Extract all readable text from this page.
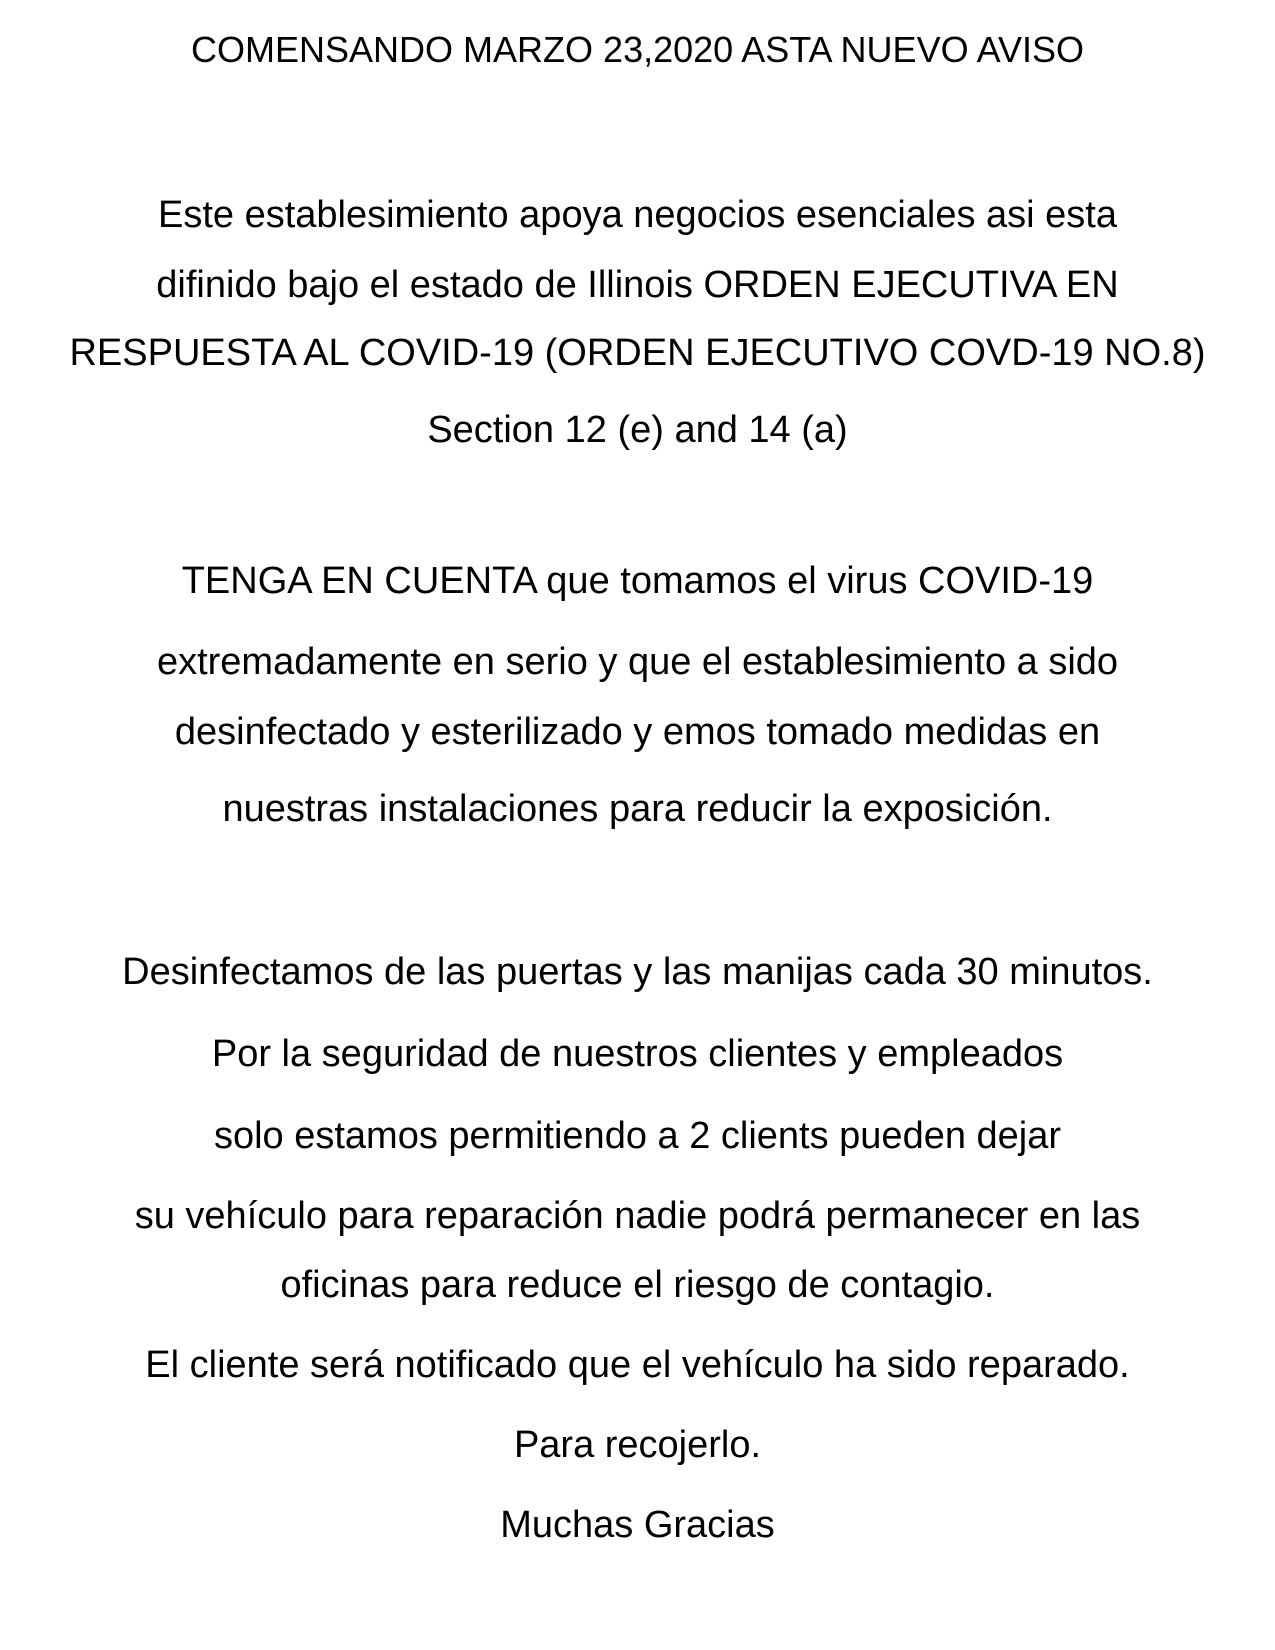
COMENSANDO MARZO 23,2020 ASTA NUEVO AVISO
Este establesimiento apoya negocios esenciales asi esta
difinido bajo el estado de Illinois ORDEN EJECUTIVA EN
RESPUESTA AL COVID-19 (ORDEN EJECUTIVO COVD-19 NO.8)
Section 12 (e) and 14 (a)
TENGA EN CUENTA que tomamos el virus COVID-19
extremadamente en serio y que el establesimiento a sido
desinfectado y esterilizado y emos tomado medidas en
nuestras instalaciones para reducir la exposición.
Desinfectamos de las puertas y las manijas cada 30 minutos.
Por la seguridad de nuestros clientes y empleados
solo estamos permitiendo a 2 clients pueden dejar
su vehículo para reparación nadie podrá permanecer en las
oficinas para reduce el riesgo de contagio.
El cliente será notificado que el vehículo ha sido reparado.
Para recojerlo.
Muchas Gracias
